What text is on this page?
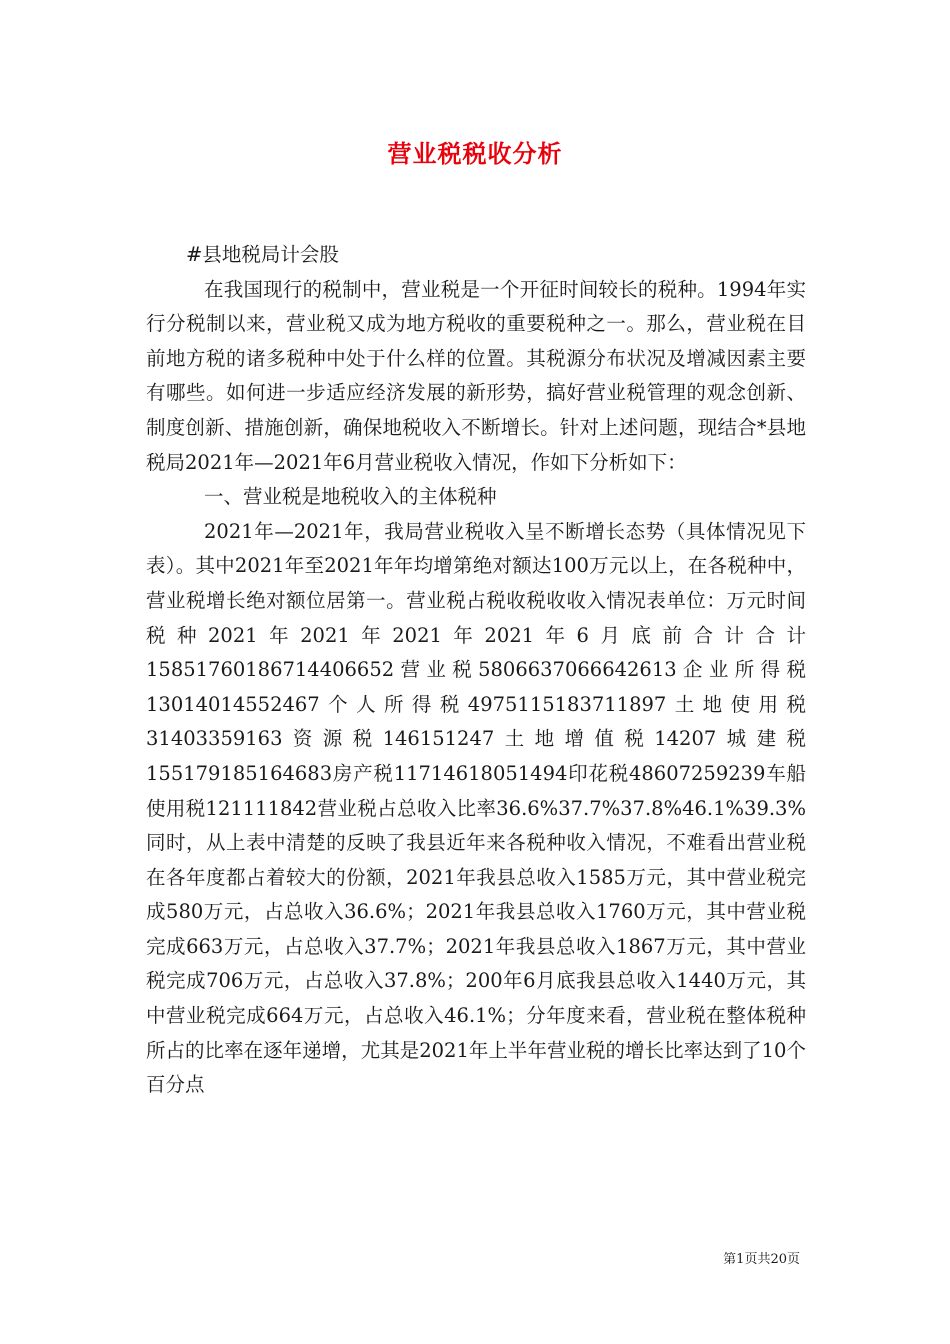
营业税税收分析

#县地税局计会股

在我国现行的税制中，营业税是一个开征时间较长的税种。1994年实行分税制以来，营业税又成为地方税收的重要税种之一。那么，营业税在目前地方税的诸多税种中处于什么样的位置。其税源分布状况及增减因素主要有哪些。如何进一步适应经济发展的新形势，搞好营业税管理的观念创新、制度创新、措施创新，确保地税收入不断增长。针对上述问题，现结合*县地税局2021年—2021年6月营业税收入情况，作如下分析如下：

一、营业税是地税收入的主体税种

2021年—2021年，我局营业税收入呈不断增长态势（具体情况见下表）。其中2021年至2021年年均增第绝对额达100万元以上，在各税种中，营业税增长绝对额位居第一。营业税占税收税收收入情况表单位：万元时间税种2021年2021年2021年2021年6月底前合计合计15851760186714406652营业税5806637066642613企业所得税13014014552467个人所得税4975115183711897土地使用税31403359163资源税146151247土地增值税14207城建税155179185164683房产税11714618051494印花税48607259239车船使用税121111842营业税占总收入比率36.6%37.7%37.8%46.1%39.3%同时，从上表中清楚的反映了我县近年来各税种收入情况，不难看出营业税在各年度都占着较大的份额，2021年我县总收入1585万元，其中营业税完成580万元，占总收入36.6%；2021年我县总收入1760万元，其中营业税完成663万元，占总收入37.7%；2021年我县总收入1867万元，其中营业税完成706万元，占总收入37.8%；200年6月底我县总收入1440万元，其中营业税完成664万元，占总收入46.1%；分年度来看，营业税在整体税种所占的比率在逐年递增，尤其是2021年上半年营业税的增长比率达到了10个百分点

第1页共20页
